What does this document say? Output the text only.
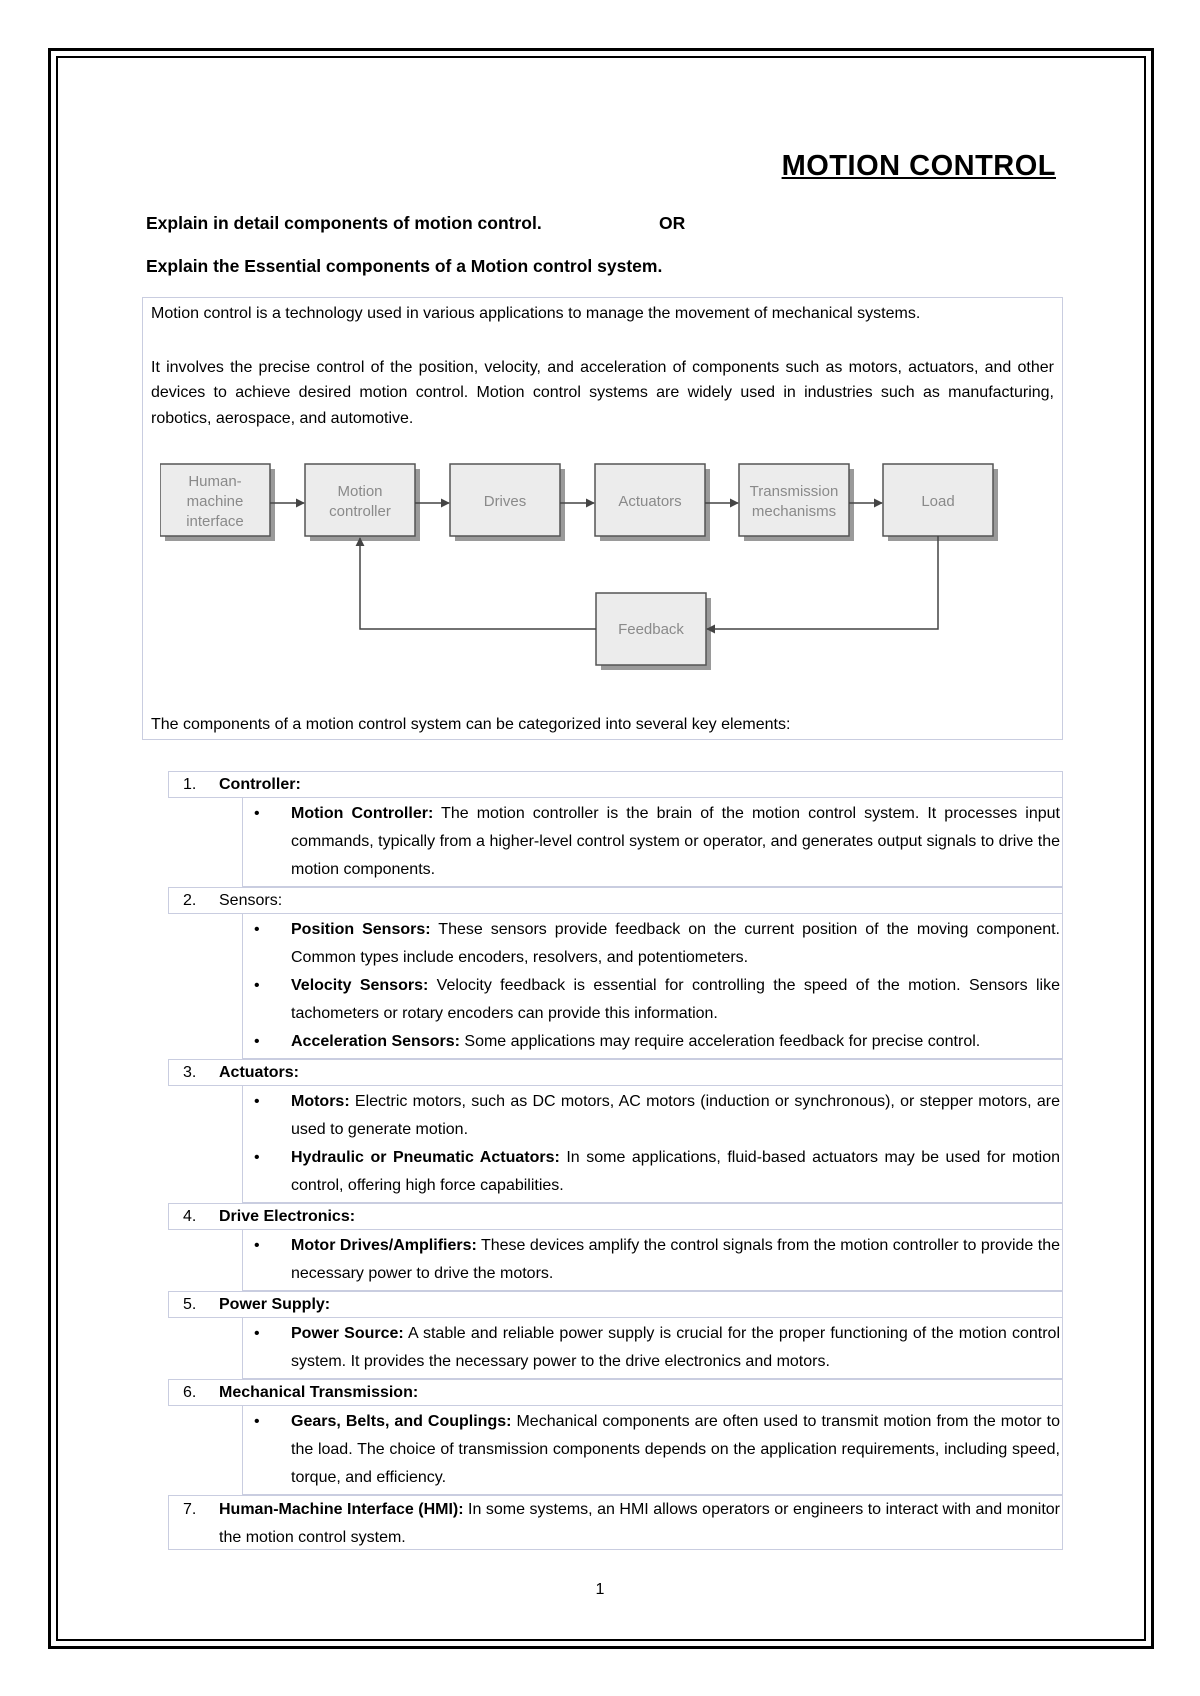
MOTION CONTROL
Explain in detail components of motion control.	OR
Explain the Essential components of a Motion control system.

Motion control is a technology used in various applications to manage the movement of mechanical systems.

It involves the precise control of the position, velocity, and acceleration of components such as motors, actuators, and other devices to achieve desired motion control. Motion control systems are widely used in industries such as manufacturing, robotics, aerospace, and automotive.

The components of a motion control system can be categorized into several key elements:

Human-
machine
interface
Motion
controller
Drives	Actuators
Transmission
mechanisms
Load
Feedback
1. Controller:
• Motion Controller: The motion controller is the brain of the motion control system. It processes input commands, typically from a higher-level control system or operator, and generates output signals to drive the motion components.
2. Sensors:
• Position Sensors: These sensors provide feedback on the current position of the moving component. Common types include encoders, resolvers, and potentiometers.
• Velocity Sensors: Velocity feedback is essential for controlling the speed of the motion. Sensors like tachometers or rotary encoders can provide this information.
• Acceleration Sensors: Some applications may require acceleration feedback for precise control.
3. Actuators:
• Motors: Electric motors, such as DC motors, AC motors (induction or synchronous), or stepper motors, are used to generate motion.
• Hydraulic or Pneumatic Actuators: In some applications, fluid-based actuators may be used for motion control, offering high force capabilities.
4. Drive Electronics:
• Motor Drives/Amplifiers: These devices amplify the control signals from the motion controller to provide the necessary power to drive the motors.
5. Power Supply:
• Power Source: A stable and reliable power supply is crucial for the proper functioning of the motion control system. It provides the necessary power to the drive electronics and motors.
6. Mechanical Transmission:
• Gears, Belts, and Couplings: Mechanical components are often used to transmit motion from the motor to the load. The choice of transmission components depends on the application requirements, including speed, torque, and efficiency.
7. Human-Machine Interface (HMI): In some systems, an HMI allows operators or engineers to interact with and monitor the motion control system.
1
